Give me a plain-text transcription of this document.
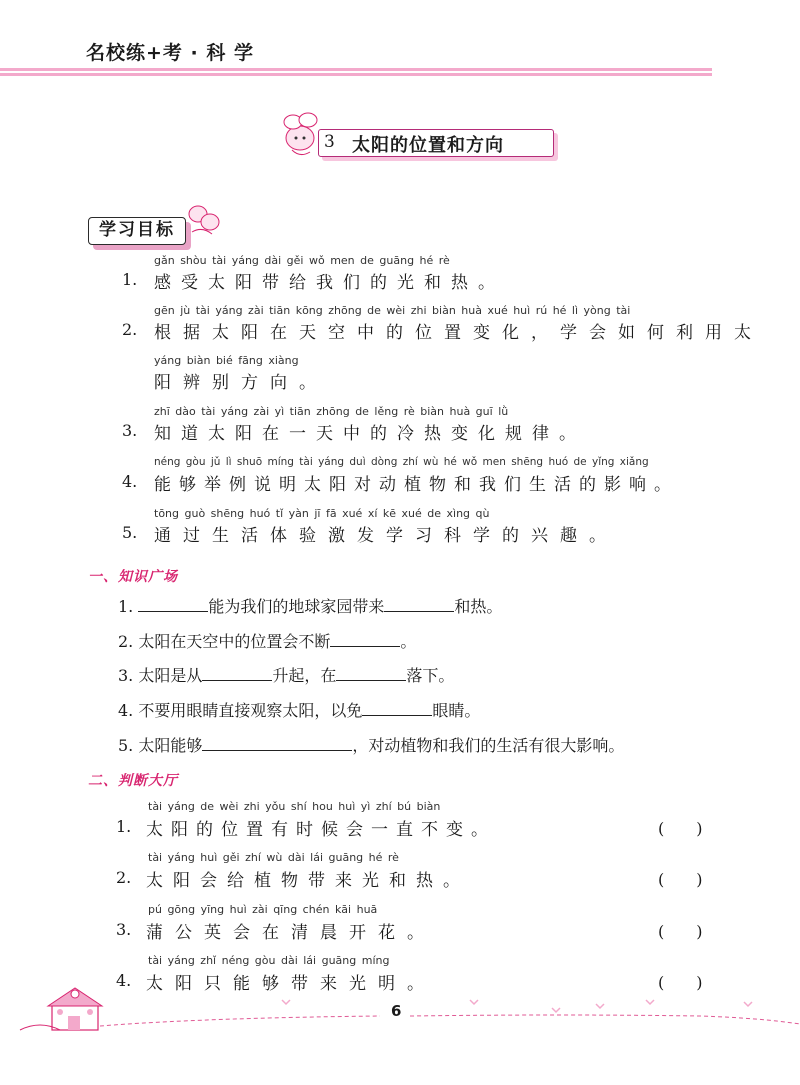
名校练+考 · 科 学
3 太阳的位置和方向
学习目标
gǎn shòu tài yáng dài gěi wǒ men de guāng hé rè
1. 感受太阳带给我们的光和热。
gēn jù tài yáng zài tiān kōng zhōng de wèi zhi biàn huà xué huì rú hé lì yòng tài
2. 根据太阳在天空中的位置变化，学会如何利用太
yáng biàn bié fāng xiàng
阳辨别方向。
zhī dào tài yáng zài yì tiān zhōng de lěng rè biàn huà guī lǜ
3. 知道太阳在一天中的冷热变化规律。
néng gòu jǔ lì shuō míng tài yáng duì dòng zhí wù hé wǒ men shēng huó de yǐng xiǎng
4. 能够举例说明太阳对动植物和我们生活的影响。
tōng guò shēng huó tǐ yàn jī fā xué xí kē xué de xìng qù
5. 通过生活体验激发学习科学的兴趣。
一、知识广场
1.	能为我们的地球家园带来	和热。
2. 太阳在天空中的位置会不断	。
3. 太阳是从	升起，在	落下。
4. 不要用眼睛直接观察太阳，以免	眼睛。
5. 太阳能够	，对动植物和我们的生活有很大影响。
二、判断大厅
tài yáng de wèi zhi yǒu shí hou huì yì zhí bú biàn
1. 太阳的位置有时候会一直不变。	(　　)
tài yáng huì gěi zhí wù dài lái guāng hé rè
2. 太阳会给植物带来光和热。	(　　)
pú gōng yīng huì zài qīng chén kāi huā
3. 蒲公英会在清晨开花。	(　　)
tài yáng zhǐ néng gòu dài lái guāng míng
4. 太阳只能够带来光明。	(　　)
6
